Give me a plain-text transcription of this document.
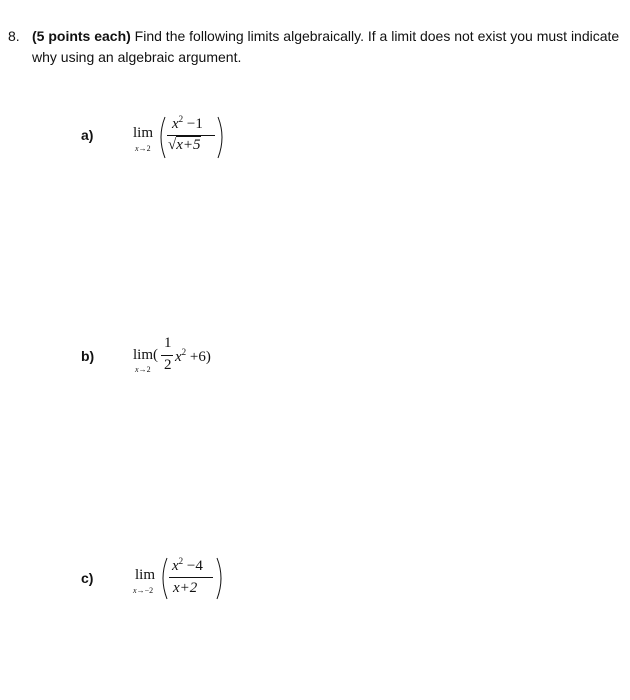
8. (5 points each) Find the following limits algebraically. If a limit does not exist you must indicate why using an algebraic argument.
a)	lim
x→2
$x^2 -1$
√x+5
b)	lim(
x→2
1
2 $x^2 +6$)
c)	lim
x→−2
$x^2 -4$
x+2
